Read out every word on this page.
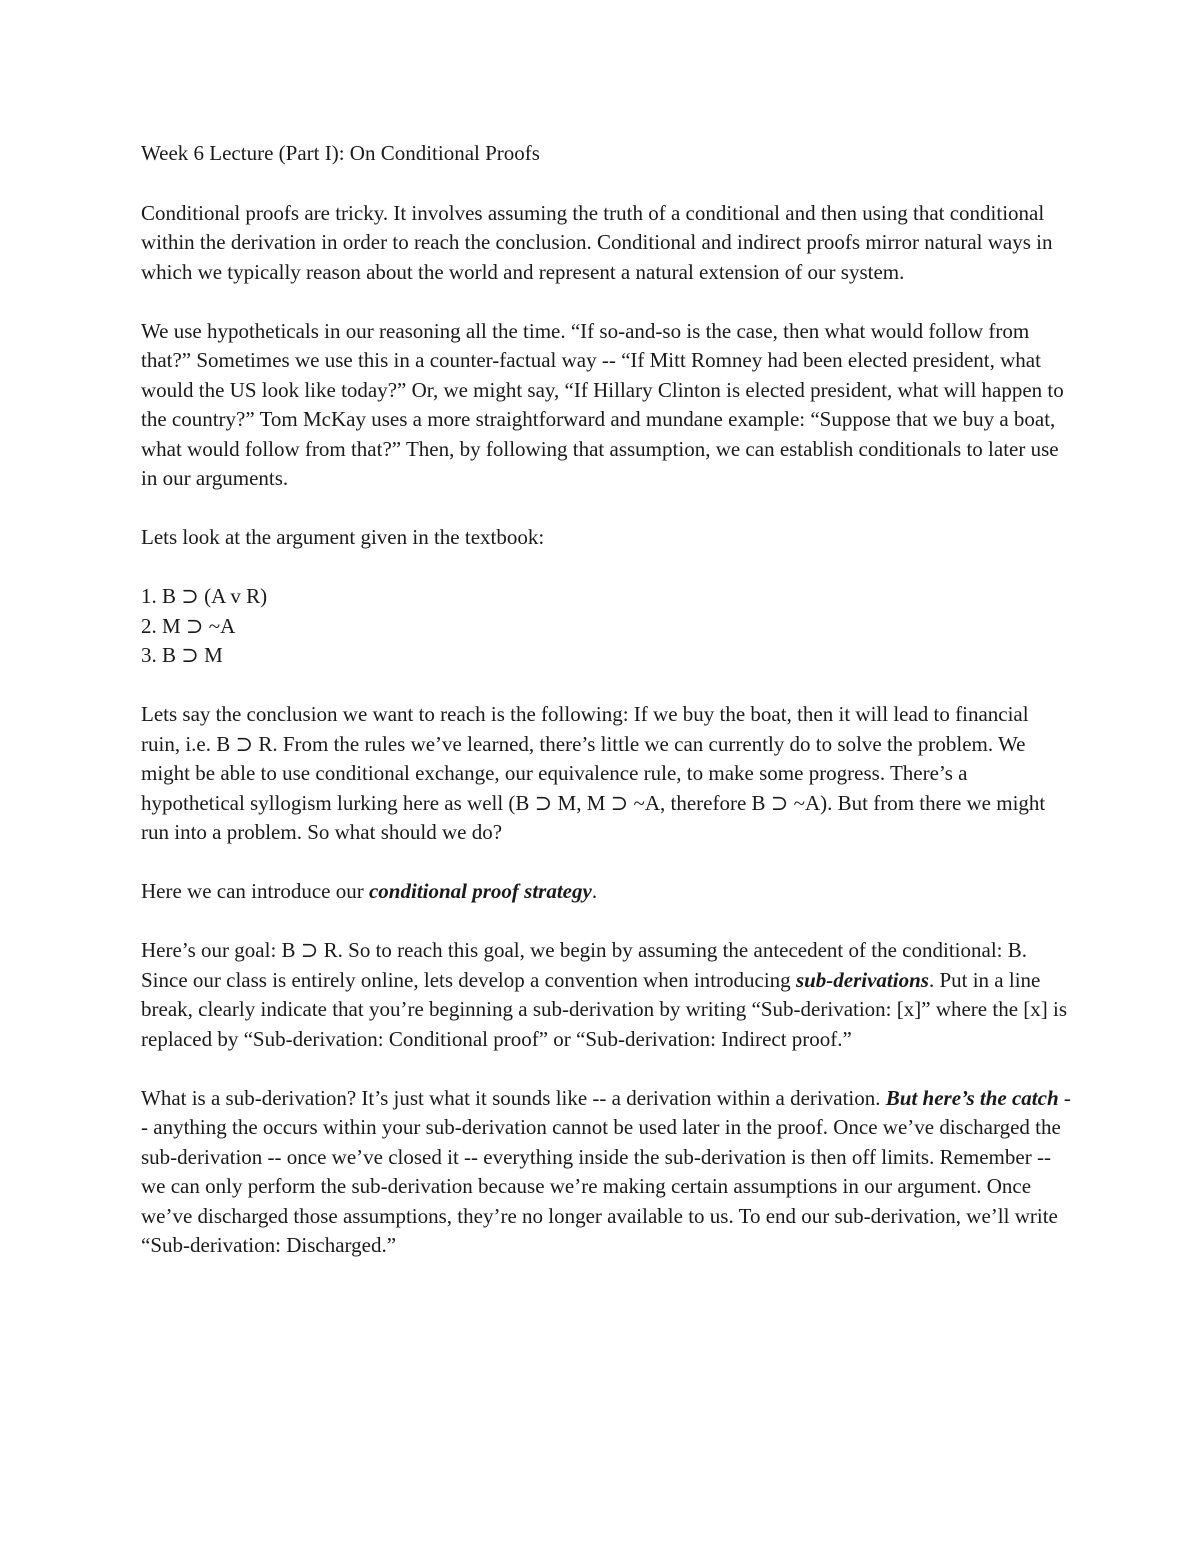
Week 6 Lecture (Part I): On Conditional Proofs

Conditional proofs are tricky. It involves assuming the truth of a conditional and then using that conditional within the derivation in order to reach the conclusion. Conditional and indirect proofs mirror natural ways in which we typically reason about the world and represent a natural extension of our system.

We use hypotheticals in our reasoning all the time. “If so-and-so is the case, then what would follow from that?” Sometimes we use this in a counter-factual way -- “If Mitt Romney had been elected president, what would the US look like today?” Or, we might say, “If Hillary Clinton is elected president, what will happen to the country?” Tom McKay uses a more straightforward and mundane example: “Suppose that we buy a boat, what would follow from that?” Then, by following that assumption, we can establish conditionals to later use in our arguments.

Lets look at the argument given in the textbook:

1. B ⊃ (A v R)
2. M ⊃ ~A
3. B ⊃ M

Lets say the conclusion we want to reach is the following: If we buy the boat, then it will lead to financial ruin, i.e. B ⊃ R. From the rules we’ve learned, there’s little we can currently do to solve the problem. We might be able to use conditional exchange, our equivalence rule, to make some progress. There’s a hypothetical syllogism lurking here as well (B ⊃ M, M ⊃ ~A, therefore B ⊃ ~A). But from there we might run into a problem. So what should we do?

Here we can introduce our conditional proof strategy.

Here’s our goal: B ⊃ R. So to reach this goal, we begin by assuming the antecedent of the conditional: B. Since our class is entirely online, lets develop a convention when introducing sub-derivations. Put in a line break, clearly indicate that you’re beginning a sub-derivation by writing “Sub-derivation: [x]” where the [x] is replaced by “Sub-derivation: Conditional proof” or “Sub-derivation: Indirect proof.”

What is a sub-derivation? It’s just what it sounds like -- a derivation within a derivation. But here’s the catch -- anything the occurs within your sub-derivation cannot be used later in the proof. Once we’ve discharged the sub-derivation -- once we’ve closed it -- everything inside the sub-derivation is then off limits. Remember -- we can only perform the sub-derivation because we’re making certain assumptions in our argument. Once we’ve discharged those assumptions, they’re no longer available to us. To end our sub-derivation, we’ll write “Sub-derivation: Discharged.”
